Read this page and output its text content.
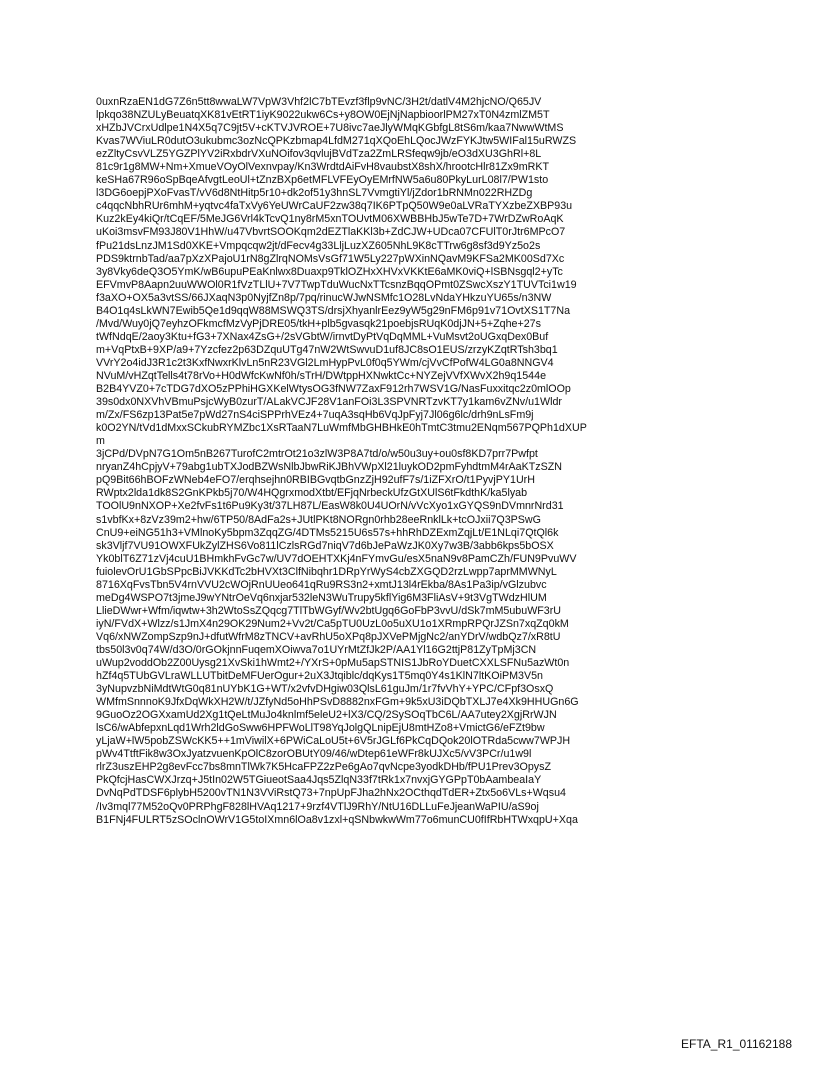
0uxnRzaEN1dG7Z6n5tt8wwaLW7VpW3Vhf2lC7bTEvzf3flp9vNC/3H2t/datlV4M2hjcNO/Q65JV
lpkqo38NZULyBeuatqXK81vEtRT1iyK9022ukw6Cs+y8OW0EjNjNapbioorlPM27xT0N4zmlZM5T
xHZbJVCrxUdlpe1N4X5q7C9jt5V+cKTVJVROE+7U8ivc7aeJlyWMqKGbfgL8tS6m/kaa7NwwWtMS
Kvas7WViuLR0dutO3ukubmc3ozNcQPKzbmap4LfdM271qXQoEhLQocJWzFYKJtw5WIFal15uRWZS
ezZltyCsvVLZ5YGZPlYV2iRxbdrVXuNOifov3qvlujBVdTza2ZmLRSfeqw9jb/eO3dXU3GhRl+8L
81c9r1g8MW+Nm+XmueVOyOlVexnvpay/Kn3WrdtdAiFvH8vaubstX8shX/hrootcHlr81Zx9mRKT
keSHa67R96oSpBqeAfvgtLeoUl+tZnzBXp6etMFLVFEyOyEMrfNW5a6u80PkyLurL08l7/PW1sto
l3DG6oepjPXoFvasT/vV6d8NtHitp5r10+dk2of51y3hnSL7VvmgtiYl/jZdor1bRNMn022RHZDg
c4qqcNbhRUr6mhM+yqtvc4faTxVy6YeUWrCaUF2zw38q7IK6PTpQ50W9e0aLVRaTYXzbeZXBP93u
Kuz2kEy4kiQr/tCqEF/5MeJG6Vrl4kTcvQ1ny8rM5xnTOUvtM06XWBBHbJ5wTe7D+7WrDZwRoAqK
uKoi3msvFM93J80V1HhW/u47VbvrtSOOKqm2dEZTlaKKl3b+ZdCJW+UDca07CFUlT0rJtr6MPcO7
fPu21dsLnzJM1Sd0XKE+Vmpqcqw2jt/dFecv4g33LljLuzXZ605NhL9K8cTTrw6g8sf3d9Yz5o2s
PDS9ktrnbTad/aa7pXzXPajoU1rN8gZlrqNOMsVsGf71W5Ly227pWXinNQavM9KFSa2MK00Sd7Xc
3y8Vky6deQ3O5YmK/wB6upuPEaKnlwx8Duaxp9TklOZHxXHVxVKKtE6aMK0viQ+lSBNsgql2+yTc
EFVmvP8Aapn2uuWWOl0R1fVzTLlU+7V7TwpTduWucNxTTcsnzBqqOPmt0ZSwcXszY1TUVTci1w19
f3aXO+OX5a3vtSS/66JXaqN3p0NyjfZn8p/7pq/rinucWJwNSMfc1O28LvNdaYHkzuYU65s/n3NW
B4O1q4sLkWN7Ewib5Qe1d9qqW88MSWQ3TS/drsjXhyanlrEez9yW5g29nFM6p91v71OvtXS1T7Na
/Mvd/Wuy0jQ7eyhzOFkmcfMzVyPjDRE05/tkH+plb5gvasqk21poebjsRUqK0djJN+5+Zqhe+27s
tWfNdqE/2aoy3Ktu+fG3+7XNax4ZsG+/2sVGbtW/irnvtDyPtVqDqMML+VuMsvt2oUGxqDex0Buf
m+VqPtxB+9XP/a9+7Yzcfez2p63DZquUTg47nW2WtSwvuD1uf8JC8sO1EUS/zrzyKZqtRTsh3bq1
VVrY2o4idJ3R1c2t3KxfNwxrKlvLn5nR23VGl2LmHypPvL0f0q5YWm/cjVvCfPofW4LG0a8NNGV4
NVuM/vHZqtTells4t78rVo+H0dWfcKwNf0h/sTrH/DWtppHXNwktCc+NYZejVVfXWvX2h9q1544e
B2B4YVZ0+7cTDG7dXO5zPPhiHGXKelWtysOG3fNW7ZaxF912rh7WSV1G/NasFuxxitqc2z0mlOOp
39s0dx0NXVhVBmuPsjcWyB0zurT/ALakVCJF28V1anFOi3L3SPVNRTzvKT7y1kam6vZNv/u1Wldr
m/Zx/FS6zp13Pat5e7pWd27nS4ciSPPrhVEz4+7uqA3sqHb6VqJpFyj7Jl06g6lc/drh9nLsFm9j
k0O2YN/tVd1dMxxSCkubRYMZbc1XsRTaaN7LuWmfMbGHBHkE0hTmtC3tmu2ENqm567PQPh1dXUP
m
3jCPd/DVpN7G1Om5nB267TurofC2mtrOt21o3zlW3P8A7td/o/w50u3uy+ou0sf8KD7prr7Pwfpt
nryanZ4hCpjyV+79abg1ubTXJodBZWsNlbJbwRiKJBhVWpXl21luykOD2pmFyhdtmM4rAaKTzSZN
pQ9Bit66hBOFzWNeb4eFO7/erqhsejhn0RBIBGvqtbGnzZjH92ufF7s/1iZFXrO/t1PyvjPY1UrH
RWptx2lda1dk8S2GnKPkb5j70/W4HQgrxmodXtbt/EFjqNrbeckUfzGtXUlS6tFkdthK/ka5lyab
TOOlU9nNXOP+Xe2fvFs1t6Pu9Ky3t/37LH87L/EasW8k0U4UOrN/vVcXyo1xGYQS9nDVmnrNrd31
s1vbfKx+8zVz39m2+hw/6TP50/8AdFa2s+JUtlPKt8NORgn0rhb28eeRnklLk+tcOJxii7Q3PSwG
CnU9+eiNG51h3+VMlnoKy5bpm3ZqqZG/4DTMs5215U6s57s+hhRhDZExmZqjLt/E1NLqi7QtQl6k
sk3Vljf7VU91OWXFUkZylZHS6Vo811lCzlsRGd7niqV7d6bJePaWzJK0Xy7w3B/3abb6kps5bOSX
Yk0blT6Z71zVj4cuU1BHmkhFvGc7w/UV7dOEHTXKj4nFYmvGu/esX5naN9v8PamCZh/FUN9PvuWV
fuiolevOrU1GbSPpcBiJVKKdTc2bHVXt3ClfNibqhr1DRpYrWyS4cbZXGQD2rzLwpp7aprMMWNyL
8716XqFvsTbn5V4rnVVU2cWOjRnUUeo641qRu9RS3n2+xmtJ13l4rEkba/8As1Pa3ip/vGlzubvc
meDg4WSPO7t3jmeJ9wYNtrOeVq6nxjar532leN3WuTrupy5kflYig6M3FliAsV+9t3VgTWdzHlUM
LlieDWwr+Wfm/iqwtw+3h2WtoSsZQqcg7TlTbWGyf/Wv2btUgq6GoFbP3vvU/dSk7mM5ubuWF3rU
iyN/FVdX+Wlzz/s1JmX4n29OK29Num2+Vv2t/Ca5pTU0UzL0o5uXU1o1XRmpRPQrJZSn7xqZq0kM
Vq6/xNWZompSzp9nJ+dfutWfrM8zTNCV+avRhU5oXPq8pJXVePMjgNc2/anYDrV/wdbQz7/xR8tU
tbs50l3v0q74W/d3O/0rGOkjnnFuqemXOiwva7o1UYrMtZfJk2P/AA1Yl16G2ttjP81ZyTpMj3CN
uWup2voddOb2Z00Uysg21XvSki1hWmt2+/YXrS+0pMu5apSTNIS1JbRoYDuetCXXLSFNu5azWt0n
hZf4q5TUbGVLraWLLUTbitDeMFUerOgur+2uX3Jtqiblc/dqKys1T5mq0Y4s1KlN7ltKOiPM3V5n
3yNupvzbNiMdtWtG0q81nUYbK1G+WT/x2vfvDHgiw03QlsL61guJm/1r7fvVhY+YPC/CFpf3OsxQ
WMfmSnnnoK9JfxDqWkXH2W/t/JZfyNd5oHhPSvD8882nxFGm+9k5xU3iDQbTXLJ7e4Xk9HHUGn6G
9GuoOz2OGXxamUd2Xg1tQeLtMuJo4knlmf5eleU2+lX3/CQ/2SySOqTbC6L/AA7utey2XgjRrWJN
lsC6/wAbfepxnLqd1Wrh2ldGoSww6HPFWoLlT98YqJolgQLnipEjU8mtHZo8+VmictG6/eFZt9bw
yLjaW+lW5pobZSWcKK5++1mViwilX+6PWiCaLoU5t+6V5rJGLf6PkCqDQok20lOTRda5cww7WPJH
pWv4TtftFik8w3OxJyatzvuenKpOlC8zorOBUtY09/46/wDtep61eWFr8kUJXc5/vV3PCr/u1w9l
rlrZ3uszEHP2g8evFcc7bs8mnTlWk7K5HcaFPZ2zPe6gAo7qvNcpe3yodkDHb/fPU1Prev3OpysZ
PkQfcjHasCWXJrzq+J5tIn02W5TGiueotSaa4Jqs5ZlqN33f7tRk1x7nvxjGYGPpT0bAambeaIaY
DvNqPdTDSF6plybH5200vTN1N3VViRstQ73+7npUpFJha2hNx2OCthqdTdER+Ztx5o6VLs+Wqsu4
/Iv3mql77M52oQv0PRPhgF828lHVAq1217+9rzf4VTlJ9RhY/NtU16DLLuFeJjeanWaPIU/aS9oj
B1FNj4FULRT5zSOclnOWrV1G5toIXmn6lOa8v1zxl+qSNbwkwWm77o6munCU0fIfRbHTWxqpU+Xqa
EFTA_R1_01162188
